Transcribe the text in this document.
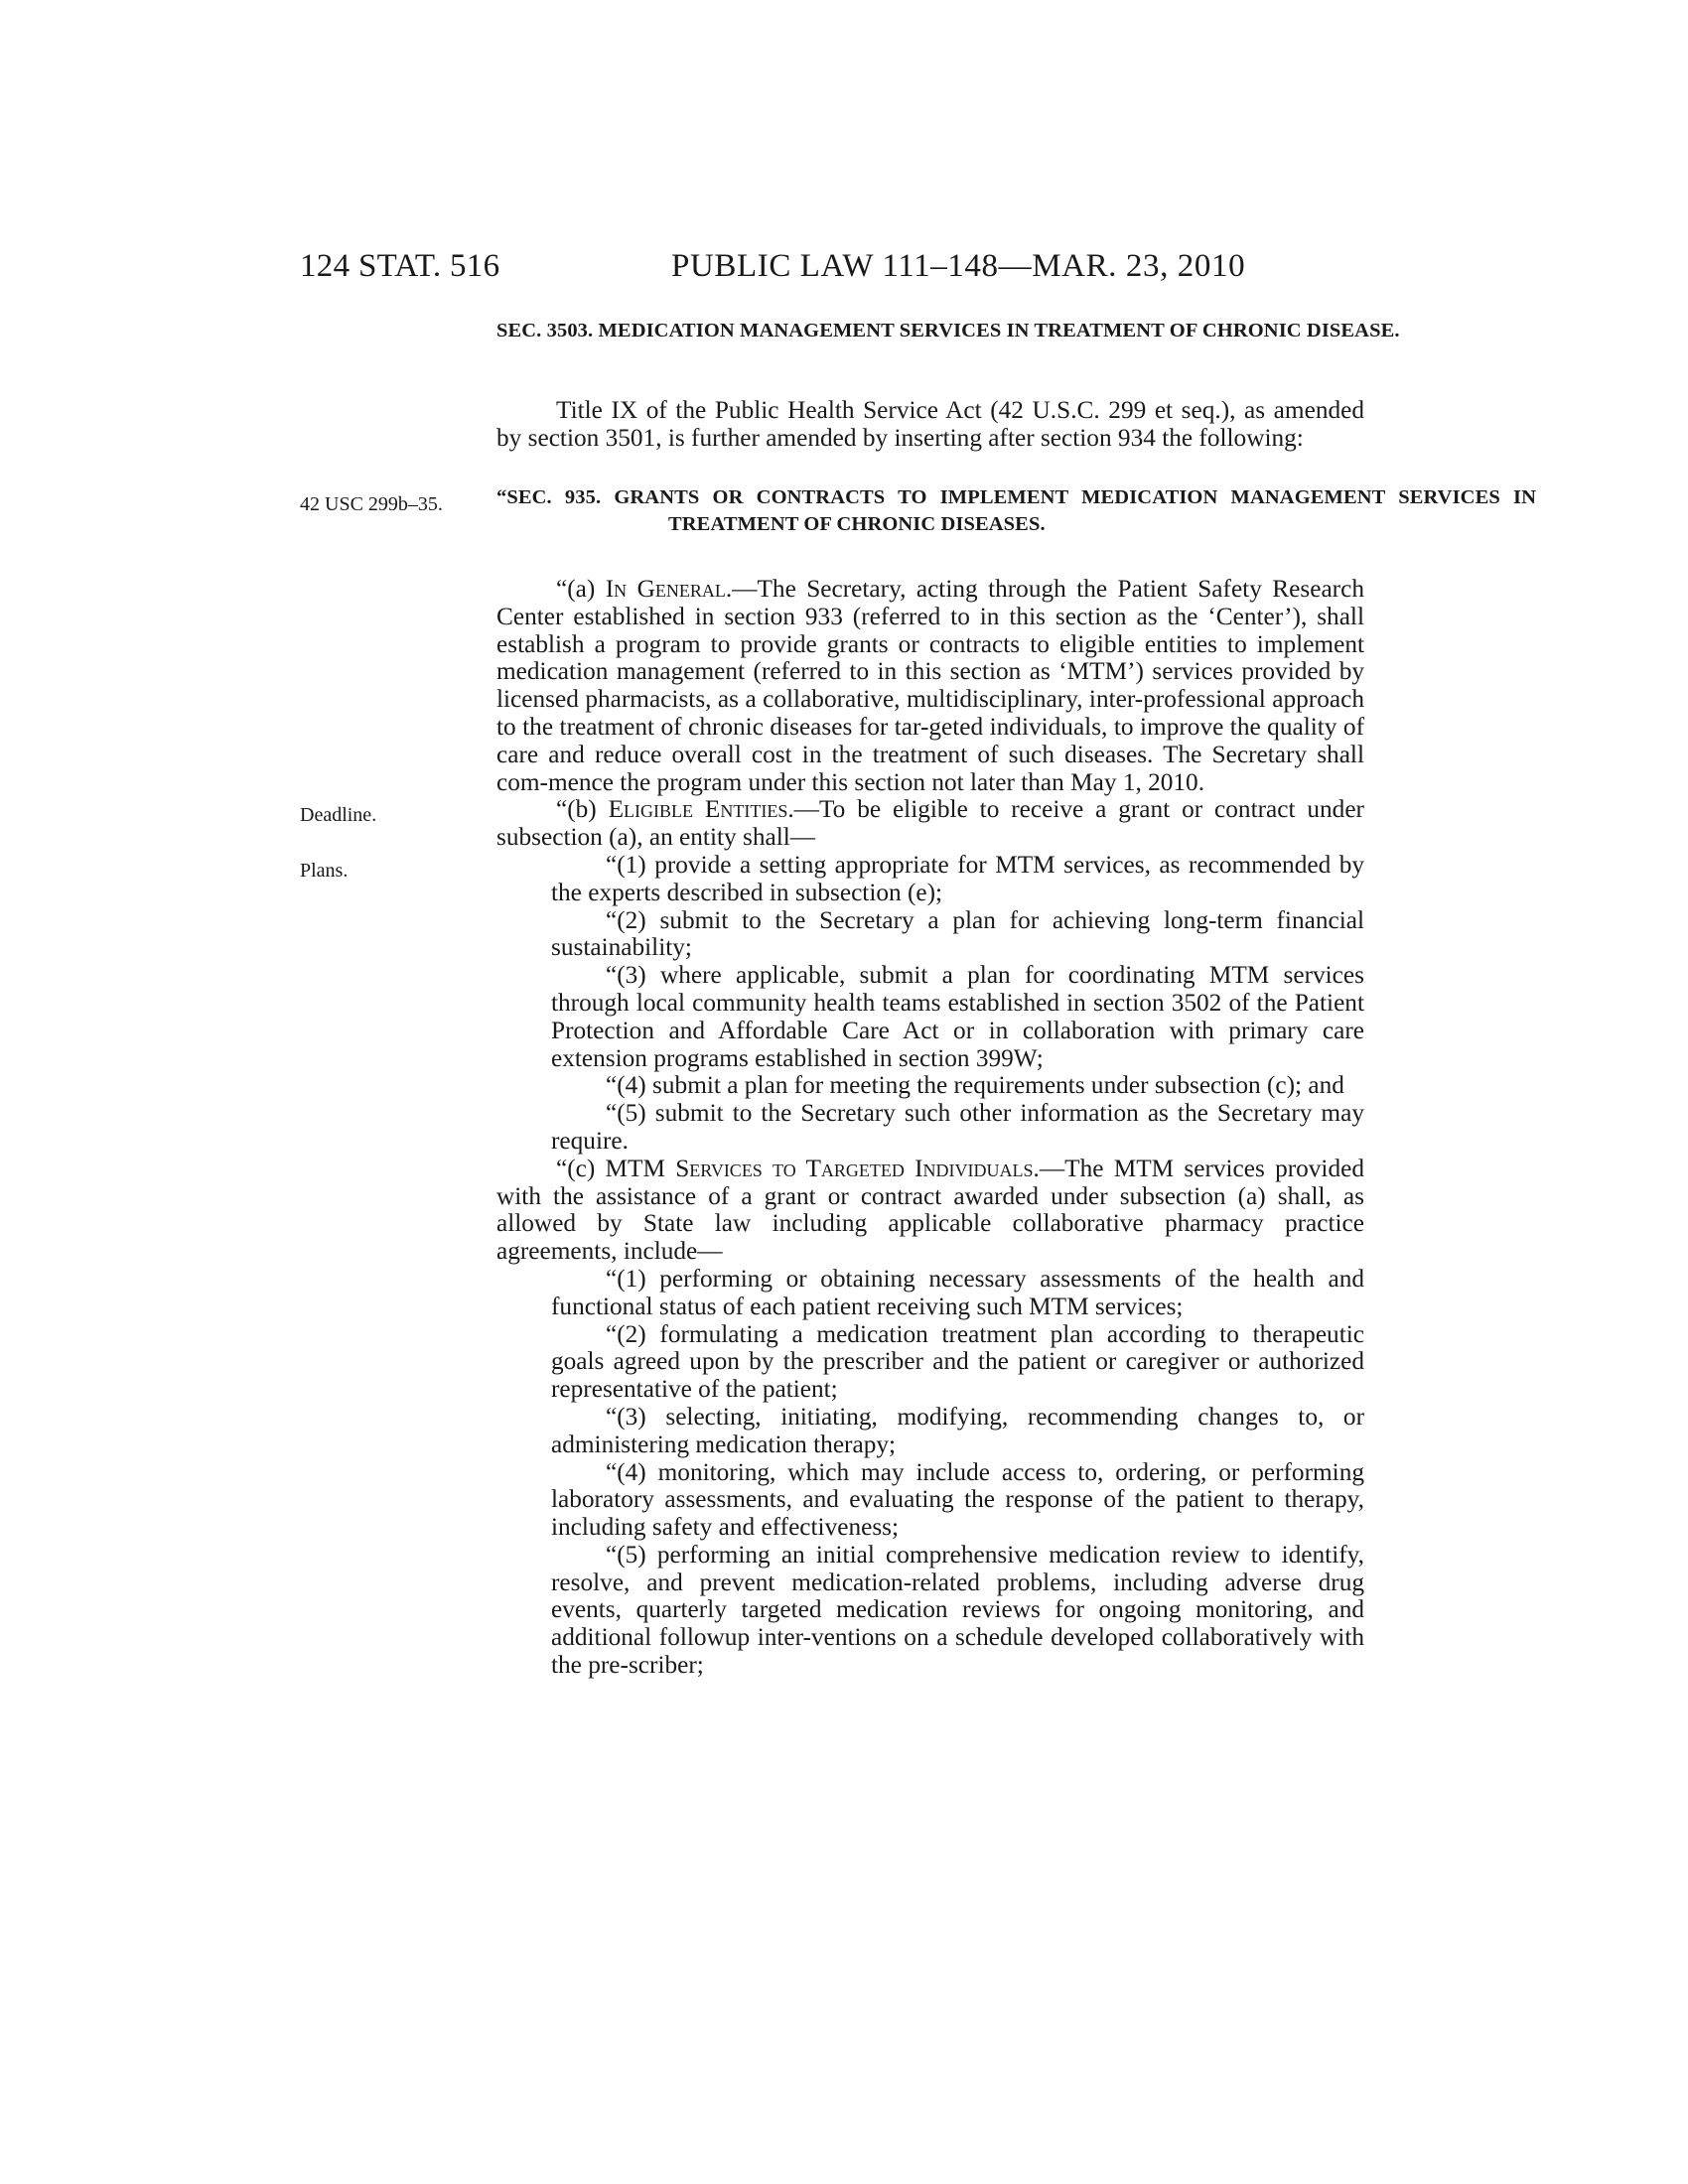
124 STAT. 516	PUBLIC LAW 111–148—MAR. 23, 2010
42 USC 299b–35.
Deadline.
Plans.
SEC. 3503. MEDICATION MANAGEMENT SERVICES IN TREATMENT OF CHRONIC DISEASE.

Title IX of the Public Health Service Act (42 U.S.C. 299 et seq.), as amended by section 3501, is further amended by inserting after section 934 the following:

“SEC. 935. GRANTS OR CONTRACTS TO IMPLEMENT MEDICATION MANAGEMENT SERVICES IN TREATMENT OF CHRONIC DISEASES.

“(a) In General.—The Secretary, acting through the Patient Safety Research Center established in section 933 (referred to in this section as the ‘Center’), shall establish a program to provide grants or contracts to eligible entities to implement medication management (referred to in this section as ‘MTM’) services provided by licensed pharmacists, as a collaborative, multidisciplinary, inter-professional approach to the treatment of chronic diseases for tar-geted individuals, to improve the quality of care and reduce overall cost in the treatment of such diseases. The Secretary shall com-mence the program under this section not later than May 1, 2010.

“(b) Eligible Entities.—To be eligible to receive a grant or contract under subsection (a), an entity shall—

“(1) provide a setting appropriate for MTM services, as recommended by the experts described in subsection (e);

“(2) submit to the Secretary a plan for achieving long-term financial sustainability;

“(3) where applicable, submit a plan for coordinating MTM services through local community health teams established in section 3502 of the Patient Protection and Affordable Care Act or in collaboration with primary care extension programs established in section 399W;

“(4) submit a plan for meeting the requirements under subsection (c); and

“(5) submit to the Secretary such other information as the Secretary may require.

“(c) MTM Services to Targeted Individuals.—The MTM services provided with the assistance of a grant or contract awarded under subsection (a) shall, as allowed by State law including applicable collaborative pharmacy practice agreements, include—

“(1) performing or obtaining necessary assessments of the health and functional status of each patient receiving such MTM services;

“(2) formulating a medication treatment plan according to therapeutic goals agreed upon by the prescriber and the patient or caregiver or authorized representative of the patient;

“(3) selecting, initiating, modifying, recommending changes to, or administering medication therapy;

“(4) monitoring, which may include access to, ordering, or performing laboratory assessments, and evaluating the response of the patient to therapy, including safety and effectiveness;

“(5) performing an initial comprehensive medication review to identify, resolve, and prevent medication-related problems, including adverse drug events, quarterly targeted medication reviews for ongoing monitoring, and additional followup inter-ventions on a schedule developed collaboratively with the pre-scriber;
